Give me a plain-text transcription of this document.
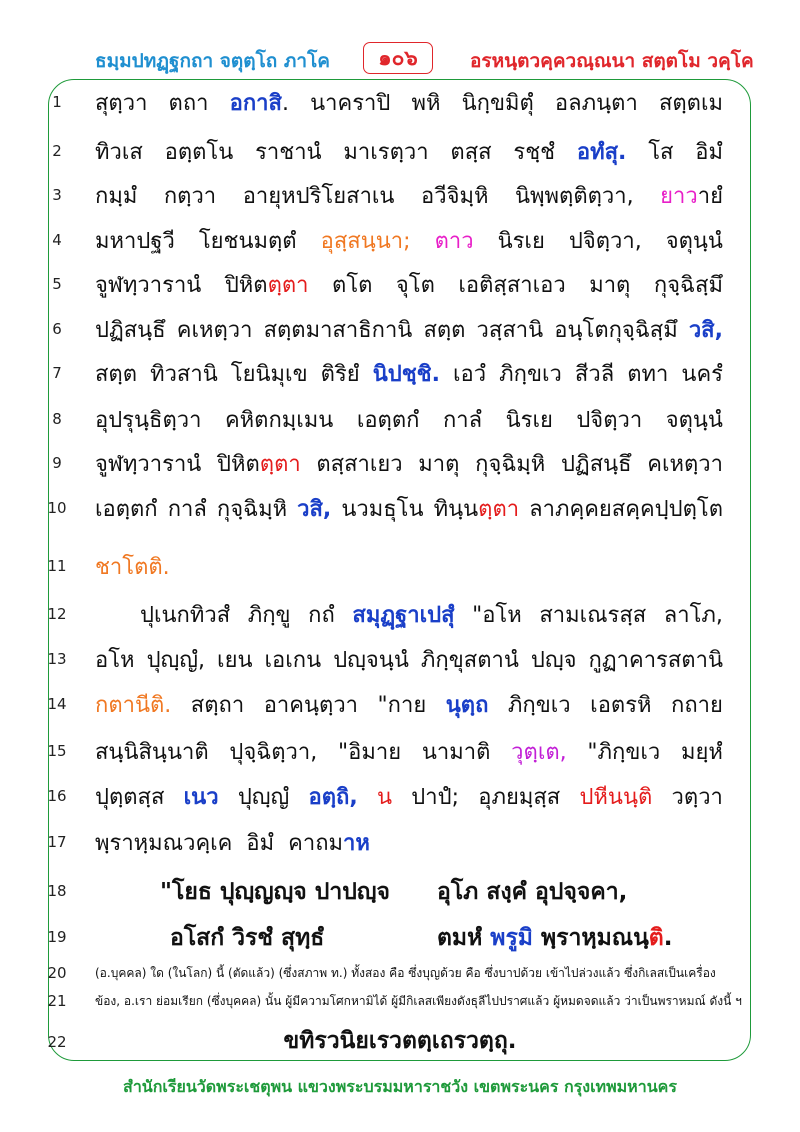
ธมฺมปทฏฺฐกถา จตุตฺโถ ภาโค	๑๐๖	อรหนฺตวคฺควณฺณนา สตฺตโม วคฺโค
1	สุตฺวา ตถา อกาสิ. นาคราปิ พหิ นิกฺขมิตุํ อลภนฺตา สตฺตเม
2	ทิวเส อตฺตโน ราชานํ มาเรตฺวา ตสฺส รชฺชํ อทํสุ. โส อิมํ
3	กมฺมํ กตฺวา อายุหปริโยสาเน อวีจิมฺหิ นิพฺพตฺติตฺวา, ยาวายํ
4	มหาปฐวี โยชนมตฺตํ อุสฺสนฺนา; ตาว นิรเย ปจิตฺวา, จตุนฺนํ
5	จูฬทฺวารานํ ปิหิตตฺตา ตโต จุโต เอติสฺสาเอว มาตุ กุจฺฉิสฺมึ
6	ปฏิสนฺธึ คเหตฺวา สตฺตมาสาธิกานิ สตฺต วสฺสานิ อนฺโตกุจฺฉิสฺมึ วสิ,
7	สตฺต ทิวสานิ โยนิมุเข ติริยํ นิปชฺชิ. เอวํ ภิกฺขเว สีวลี ตทา นครํ
8	อุปรุนฺธิตฺวา คหิตกมฺเมน เอตฺตกํ กาลํ นิรเย ปจิตฺวา จตุนฺนํ
9	จูฬทฺวารานํ ปิหิตตฺตา ตสฺสาเยว มาตุ กุจฺฉิมฺหิ ปฏิสนฺธึ คเหตฺวา
10	เอตฺตกํ กาลํ กุจฺฉิมฺหิ วสิ, นวมธุโน ทินฺนตฺตา ลาภคฺคยสคฺคปฺปตฺโต
11	ชาโตติ.
12	ปุเนกทิวสํ ภิกฺขู กถํ สมุฏฺฐาเปสุํ "อโห สามเณรสฺส ลาโภ,
13	อโห ปุญฺญํ, เยน เอเกน ปญฺจนฺนํ ภิกฺขุสตานํ ปญฺจ กูฏาคารสตานิ
14	กตานีติ. สตฺถา อาคนฺตฺวา "กาย นุตฺถ ภิกฺขเว เอตรหิ กถาย
15	สนฺนิสินฺนาติ ปุจฺฉิตฺวา, "อิมาย นามาติ วุตฺเต, "ภิกฺขเว มยฺหํ
16	ปุตฺตสฺส เนว ปุญฺญํ อตฺถิ, น ปาปํ; อุภยมฺสฺส ปหีนนฺติ วตฺวา
17	พฺราหฺมณวคฺเค อิมํ คาถมาห
18	"โยธ ปุญฺญญฺจ ปาปญฺจ อุโภ สงฺคํ อุปจฺจคา,
19	อโสกํ วิรชํ สุทฺธํ	ตมหํ พรูมิ พฺราหฺมณนฺติ.
20	(อ.บุคคล) ใด (ในโลก) นี้ (ตัดแล้ว) (ซึ่งสภาพ ท.) ทั้งสอง คือ ซึ่งบุญด้วย คือ ซึ่งบาปด้วย เข้าไปล่วงแล้ว ซึ่งกิเลสเป็นเครื่อง
21	ข้อง, อ.เรา ย่อมเรียก (ซึ่งบุคคล) นั้น ผู้มีความโศกหามิได้ ผู้มีกิเลสเพียงดังธุลีไปปราศแล้ว ผู้หมดจดแล้ว ว่าเป็นพราหมณ์ ดังนี้ ฯ
22	ขทิรวนิยเรวตตฺเถรวตฺถุ.
สำนักเรียนวัดพระเชตุพน แขวงพระบรมมหาราชวัง เขตพระนคร กรุงเทพมหานคร
